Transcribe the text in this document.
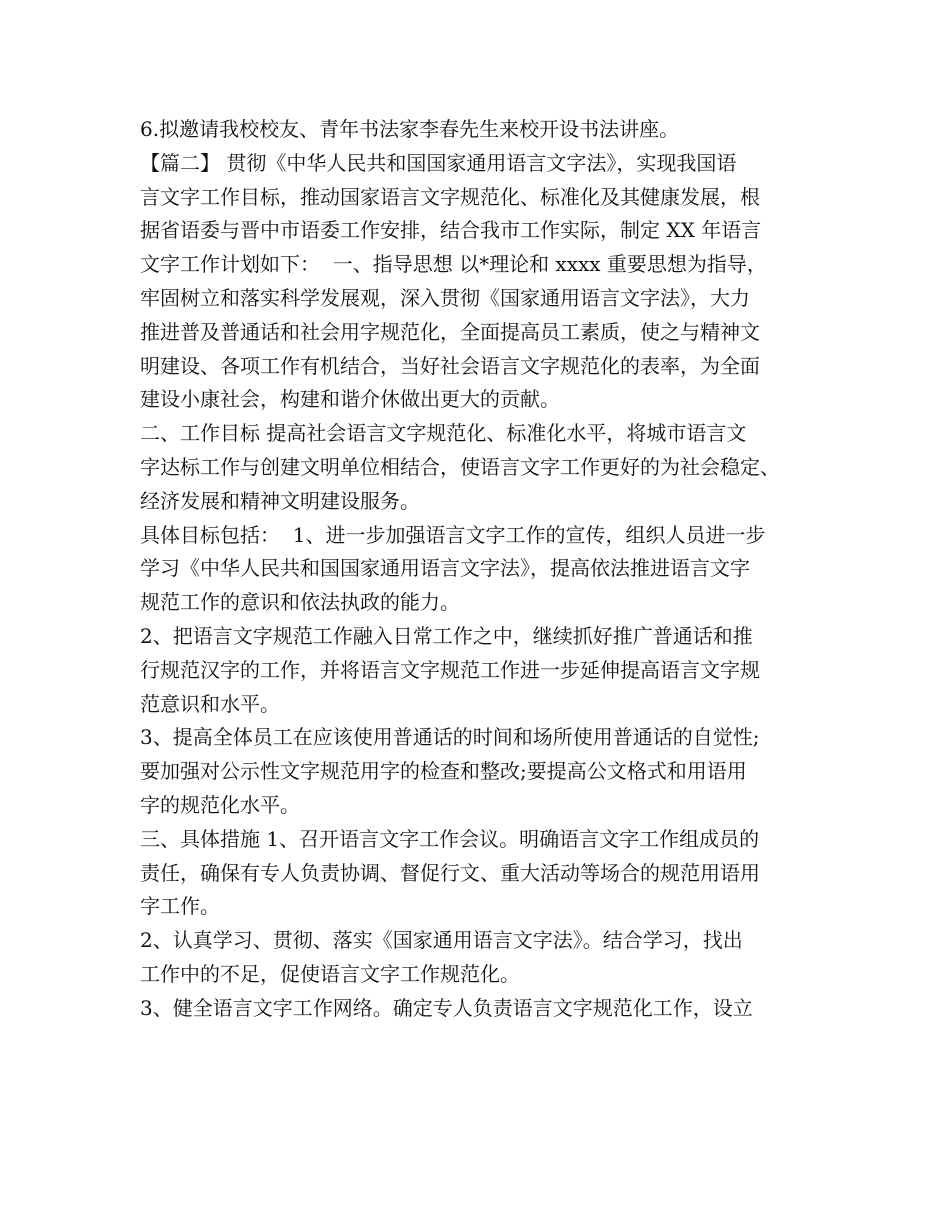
6.拟邀请我校校友、青年书法家李春先生来校开设书法讲座。
【篇二】 贯彻《中华人民共和国国家通用语言文字法》，实现我国语
言文字工作目标，推动国家语言文字规范化、标准化及其健康发展，根
据省语委与晋中市语委工作安排，结合我市工作实际，制定 XX 年语言
文字工作计划如下：  一、指导思想 以*理论和 xxxx 重要思想为指导，
牢固树立和落实科学发展观，深入贯彻《国家通用语言文字法》，大力
推进普及普通话和社会用字规范化，全面提高员工素质，使之与精神文
明建设、各项工作有机结合，当好社会语言文字规范化的表率，为全面
建设小康社会，构建和谐介休做出更大的贡献。
二、工作目标 提高社会语言文字规范化、标准化水平，将城市语言文
字达标工作与创建文明单位相结合，使语言文字工作更好的为社会稳定、
经济发展和精神文明建设服务。
具体目标包括：  1、进一步加强语言文字工作的宣传，组织人员进一步
学习《中华人民共和国国家通用语言文字法》，提高依法推进语言文字
规范工作的意识和依法执政的能力。
2、把语言文字规范工作融入日常工作之中，继续抓好推广普通话和推
行规范汉字的工作，并将语言文字规范工作进一步延伸提高语言文字规
范意识和水平。
3、提高全体员工在应该使用普通话的时间和场所使用普通话的自觉性;
要加强对公示性文字规范用字的检查和整改;要提高公文格式和用语用
字的规范化水平。
三、具体措施 1、召开语言文字工作会议。明确语言文字工作组成员的
责任，确保有专人负责协调、督促行文、重大活动等场合的规范用语用
字工作。
2、认真学习、贯彻、落实《国家通用语言文字法》。结合学习，找出
工作中的不足，促使语言文字工作规范化。
3、健全语言文字工作网络。确定专人负责语言文字规范化工作，设立
